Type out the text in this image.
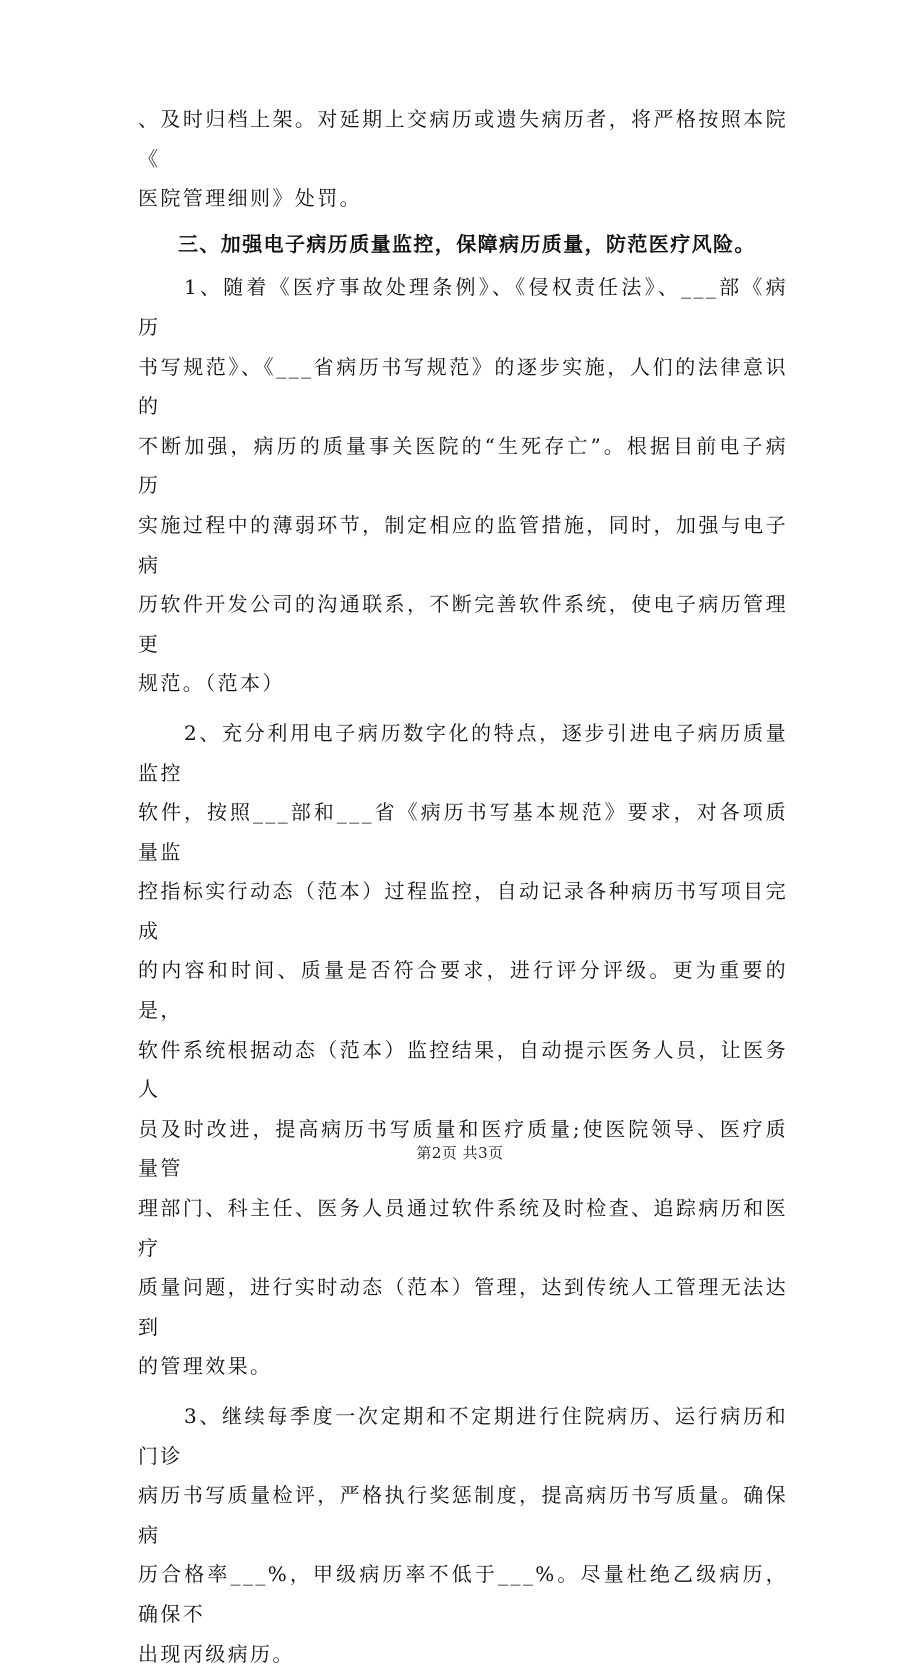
、及时归档上架。对延期上交病历或遗失病历者，将严格按照本院《
医院管理细则》处罚。

三、加强电子病历质量监控，保障病历质量，防范医疗风险。

1、随着《医疗事故处理条例》、《侵权责任法》、___部《病历
书写规范》、《___省病历书写规范》的逐步实施，人们的法律意识的
不断加强，病历的质量事关医院的“生死存亡”。根据目前电子病历
实施过程中的薄弱环节，制定相应的监管措施，同时，加强与电子病
历软件开发公司的沟通联系，不断完善软件系统，使电子病历管理更
规范。（范本）

2、充分利用电子病历数字化的特点，逐步引进电子病历质量监控
软件，按照___部和___省《病历书写基本规范》要求，对各项质量监
控指标实行动态（范本）过程监控，自动记录各种病历书写项目完成
的内容和时间、质量是否符合要求，进行评分评级。更为重要的是，
软件系统根据动态（范本）监控结果，自动提示医务人员，让医务人
员及时改进，提高病历书写质量和医疗质量;使医院领导、医疗质量管
理部门、科主任、医务人员通过软件系统及时检查、追踪病历和医疗
质量问题，进行实时动态（范本）管理，达到传统人工管理无法达到
的管理效果。

3、继续每季度一次定期和不定期进行住院病历、运行病历和门诊
病历书写质量检评，严格执行奖惩制度，提高病历书写质量。确保病
历合格率___%，甲级病历率不低于___%。尽量杜绝乙级病历，确保不
出现丙级病历。

第2页 共3页
